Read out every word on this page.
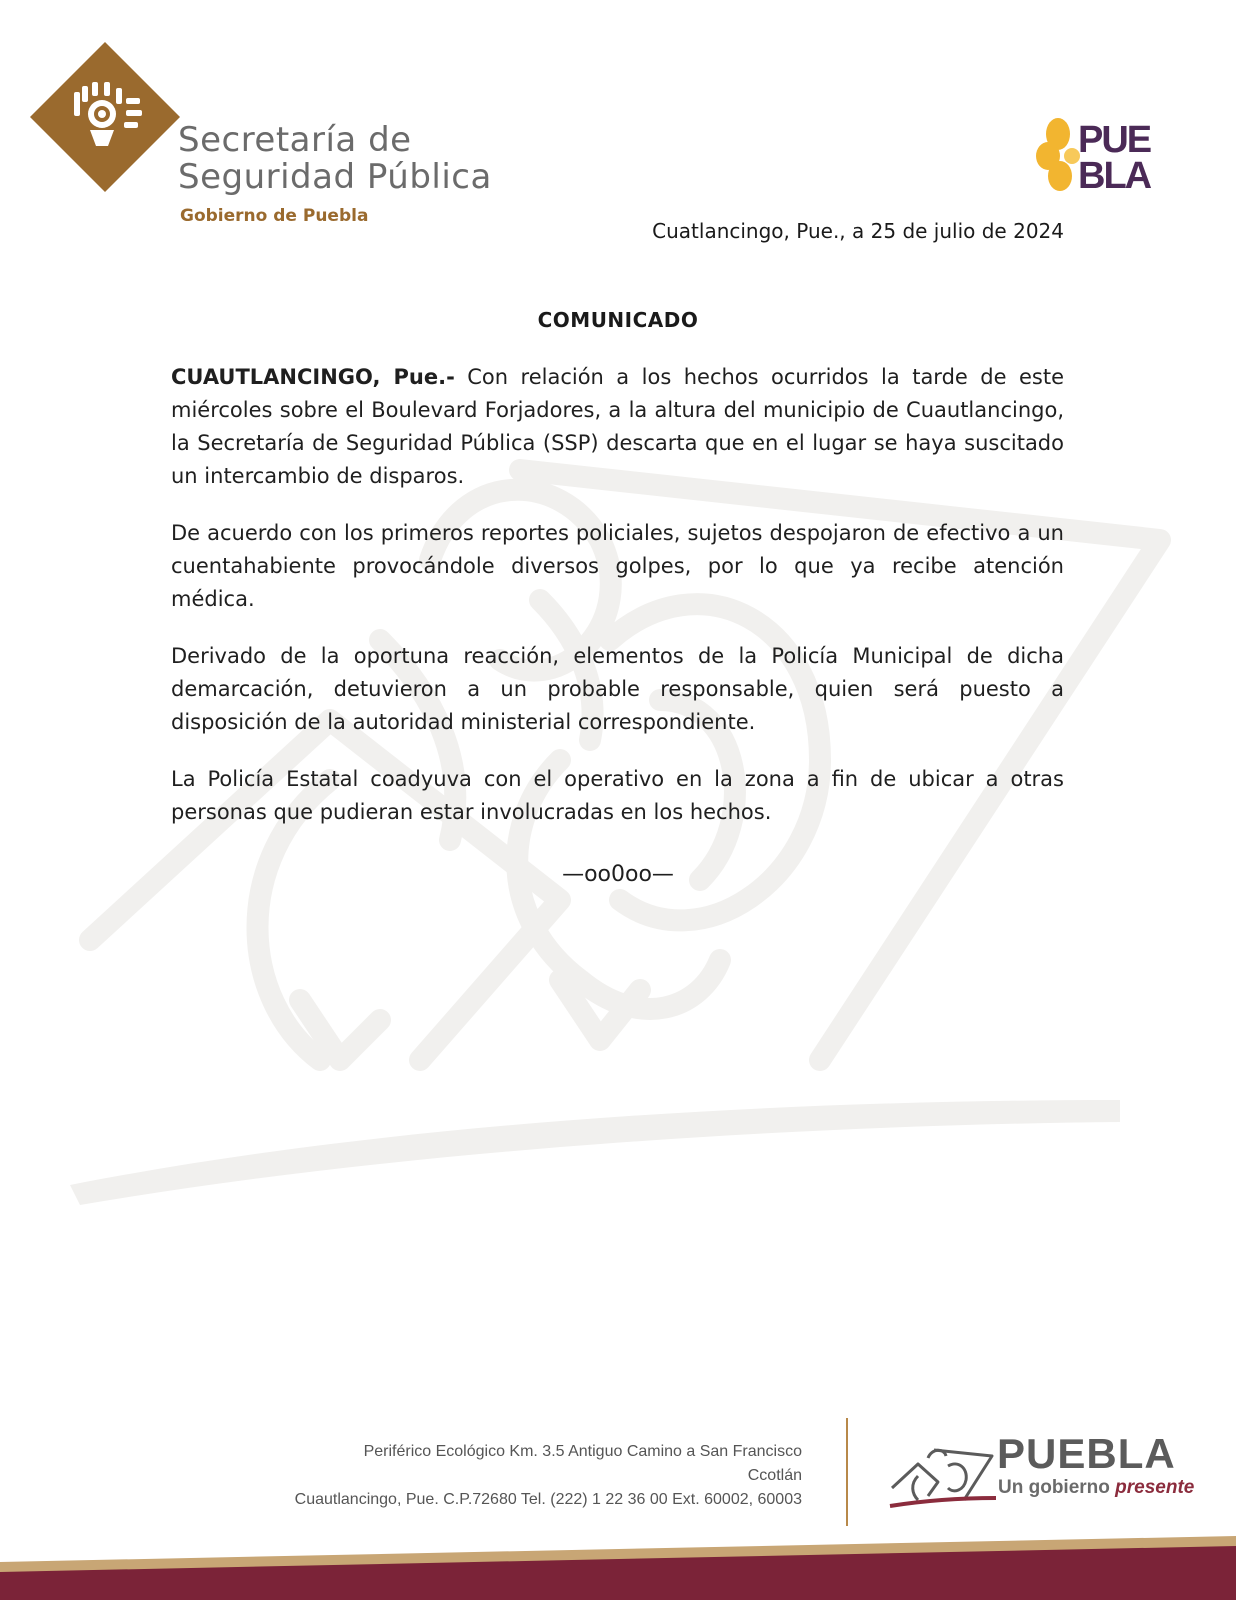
Secretaría de
Seguridad Pública
Gobierno de Puebla
PUE
BLA
Cuatlancingo, Pue., a 25 de julio de 2024
COMUNICADO

CUAUTLANCINGO, Pue.- Con relación a los hechos ocurridos la tarde de este miércoles sobre el Boulevard Forjadores, a la altura del municipio de Cuautlancingo, la Secretaría de Seguridad Pública (SSP) descarta que en el lugar se haya suscitado un intercambio de disparos.

De acuerdo con los primeros reportes policiales, sujetos despojaron de efectivo a un cuentahabiente provocándole diversos golpes, por lo que ya recibe atención médica.

Derivado de la oportuna reacción, elementos de la Policía Municipal de dicha demarcación, detuvieron a un probable responsable, quien será puesto a disposición de la autoridad ministerial correspondiente.

La Policía Estatal coadyuva con el operativo en la zona a fin de ubicar a otras personas que pudieran estar involucradas en los hechos.

—oo0oo—
Periférico Ecológico Km. 3.5 Antiguo Camino a San Francisco
Ccotlán
Cuautlancingo, Pue. C.P.72680 Tel. (222) 1 22 36 00 Ext. 60002, 60003
PUEBLA
Un gobierno presente
